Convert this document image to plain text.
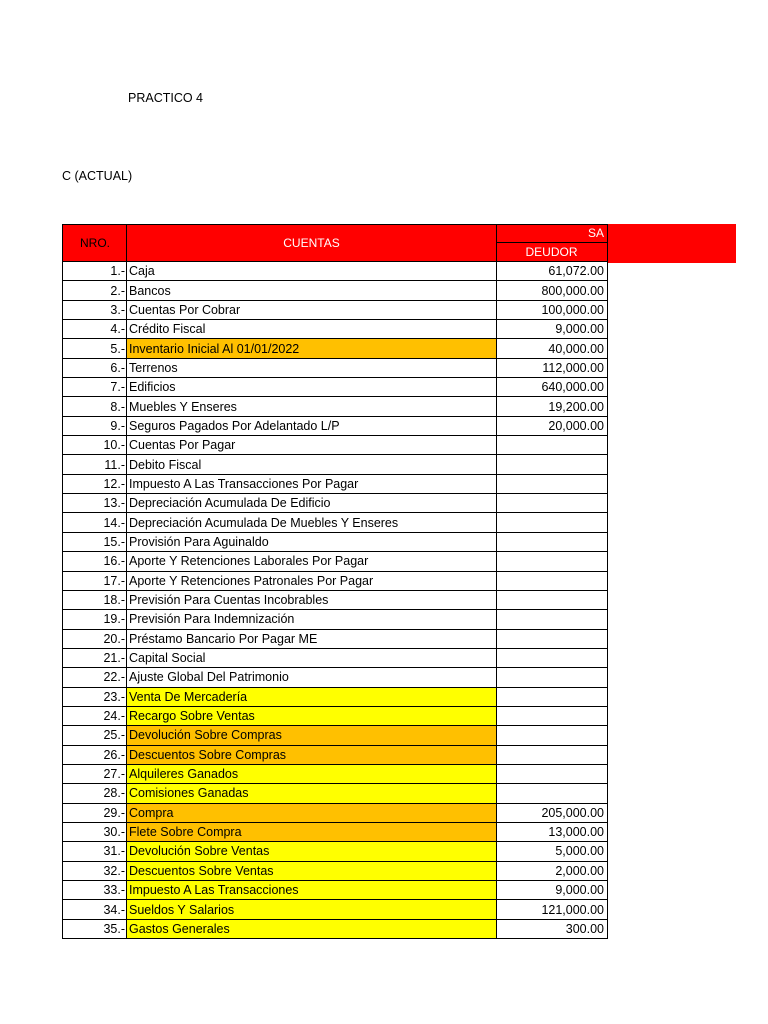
PRACTICO 4
C (ACTUAL)
NRO.	CUENTAS	SA
		DEUDOR
1.-	Caja	61,072.00
2.-	Bancos	800,000.00
3.-	Cuentas Por Cobrar	100,000.00
4.-	Crédito Fiscal	9,000.00
5.-	Inventario Inicial Al 01/01/2022	40,000.00
6.-	Terrenos	112,000.00
7.-	Edificios	640,000.00
8.-	Muebles Y Enseres	19,200.00
9.-	Seguros Pagados Por Adelantado L/P	20,000.00
10.-	Cuentas Por Pagar	
11.-	Debito Fiscal	
12.-	Impuesto A Las Transacciones Por Pagar	
13.-	Depreciación Acumulada De Edificio	
14.-	Depreciación Acumulada De Muebles Y Enseres	
15.-	Provisión Para Aguinaldo	
16.-	Aporte Y Retenciones Laborales Por Pagar	
17.-	Aporte Y Retenciones Patronales Por Pagar	
18.-	Previsión Para Cuentas Incobrables	
19.-	Previsión Para Indemnización	
20.-	Préstamo Bancario Por Pagar ME	
21.-	Capital Social	
22.-	Ajuste Global Del Patrimonio	
23.-	Venta De Mercadería	
24.-	Recargo Sobre Ventas	
25.-	Devolución Sobre Compras	
26.-	Descuentos Sobre Compras	
27.-	Alquileres Ganados	
28.-	Comisiones Ganadas	
29.-	Compra	205,000.00
30.-	Flete Sobre Compra	13,000.00
31.-	Devolución Sobre Ventas	5,000.00
32.-	Descuentos Sobre Ventas	2,000.00
33.-	Impuesto A Las Transacciones	9,000.00
34.-	Sueldos Y Salarios	121,000.00
35.-	Gastos Generales	300.00
